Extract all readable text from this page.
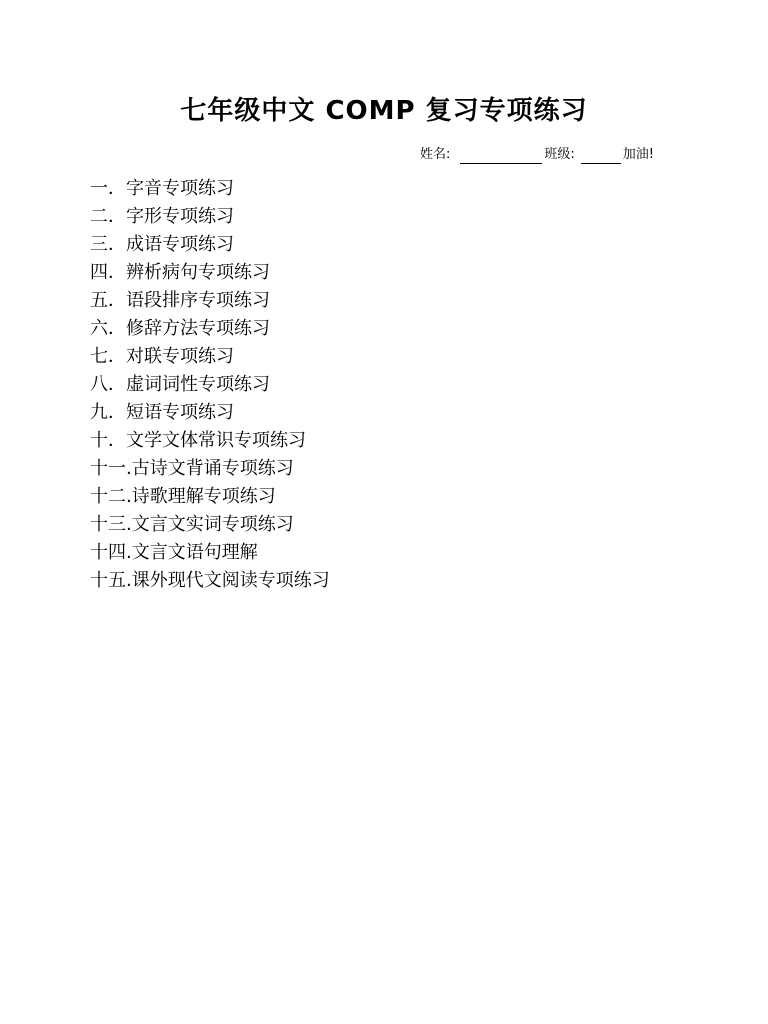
七年级中文 COMP 复习专项练习
姓名:	班级:	加油!
一． 字音专项练习
二． 字形专项练习
三． 成语专项练习
四． 辨析病句专项练习
五． 语段排序专项练习
六． 修辞方法专项练习
七． 对联专项练习
八． 虚词词性专项练习
九． 短语专项练习
十． 文学文体常识专项练习
十一. 古诗文背诵专项练习
十二. 诗歌理解专项练习
十三. 文言文实词专项练习
十四. 文言文语句理解
十五. 课外现代文阅读专项练习
